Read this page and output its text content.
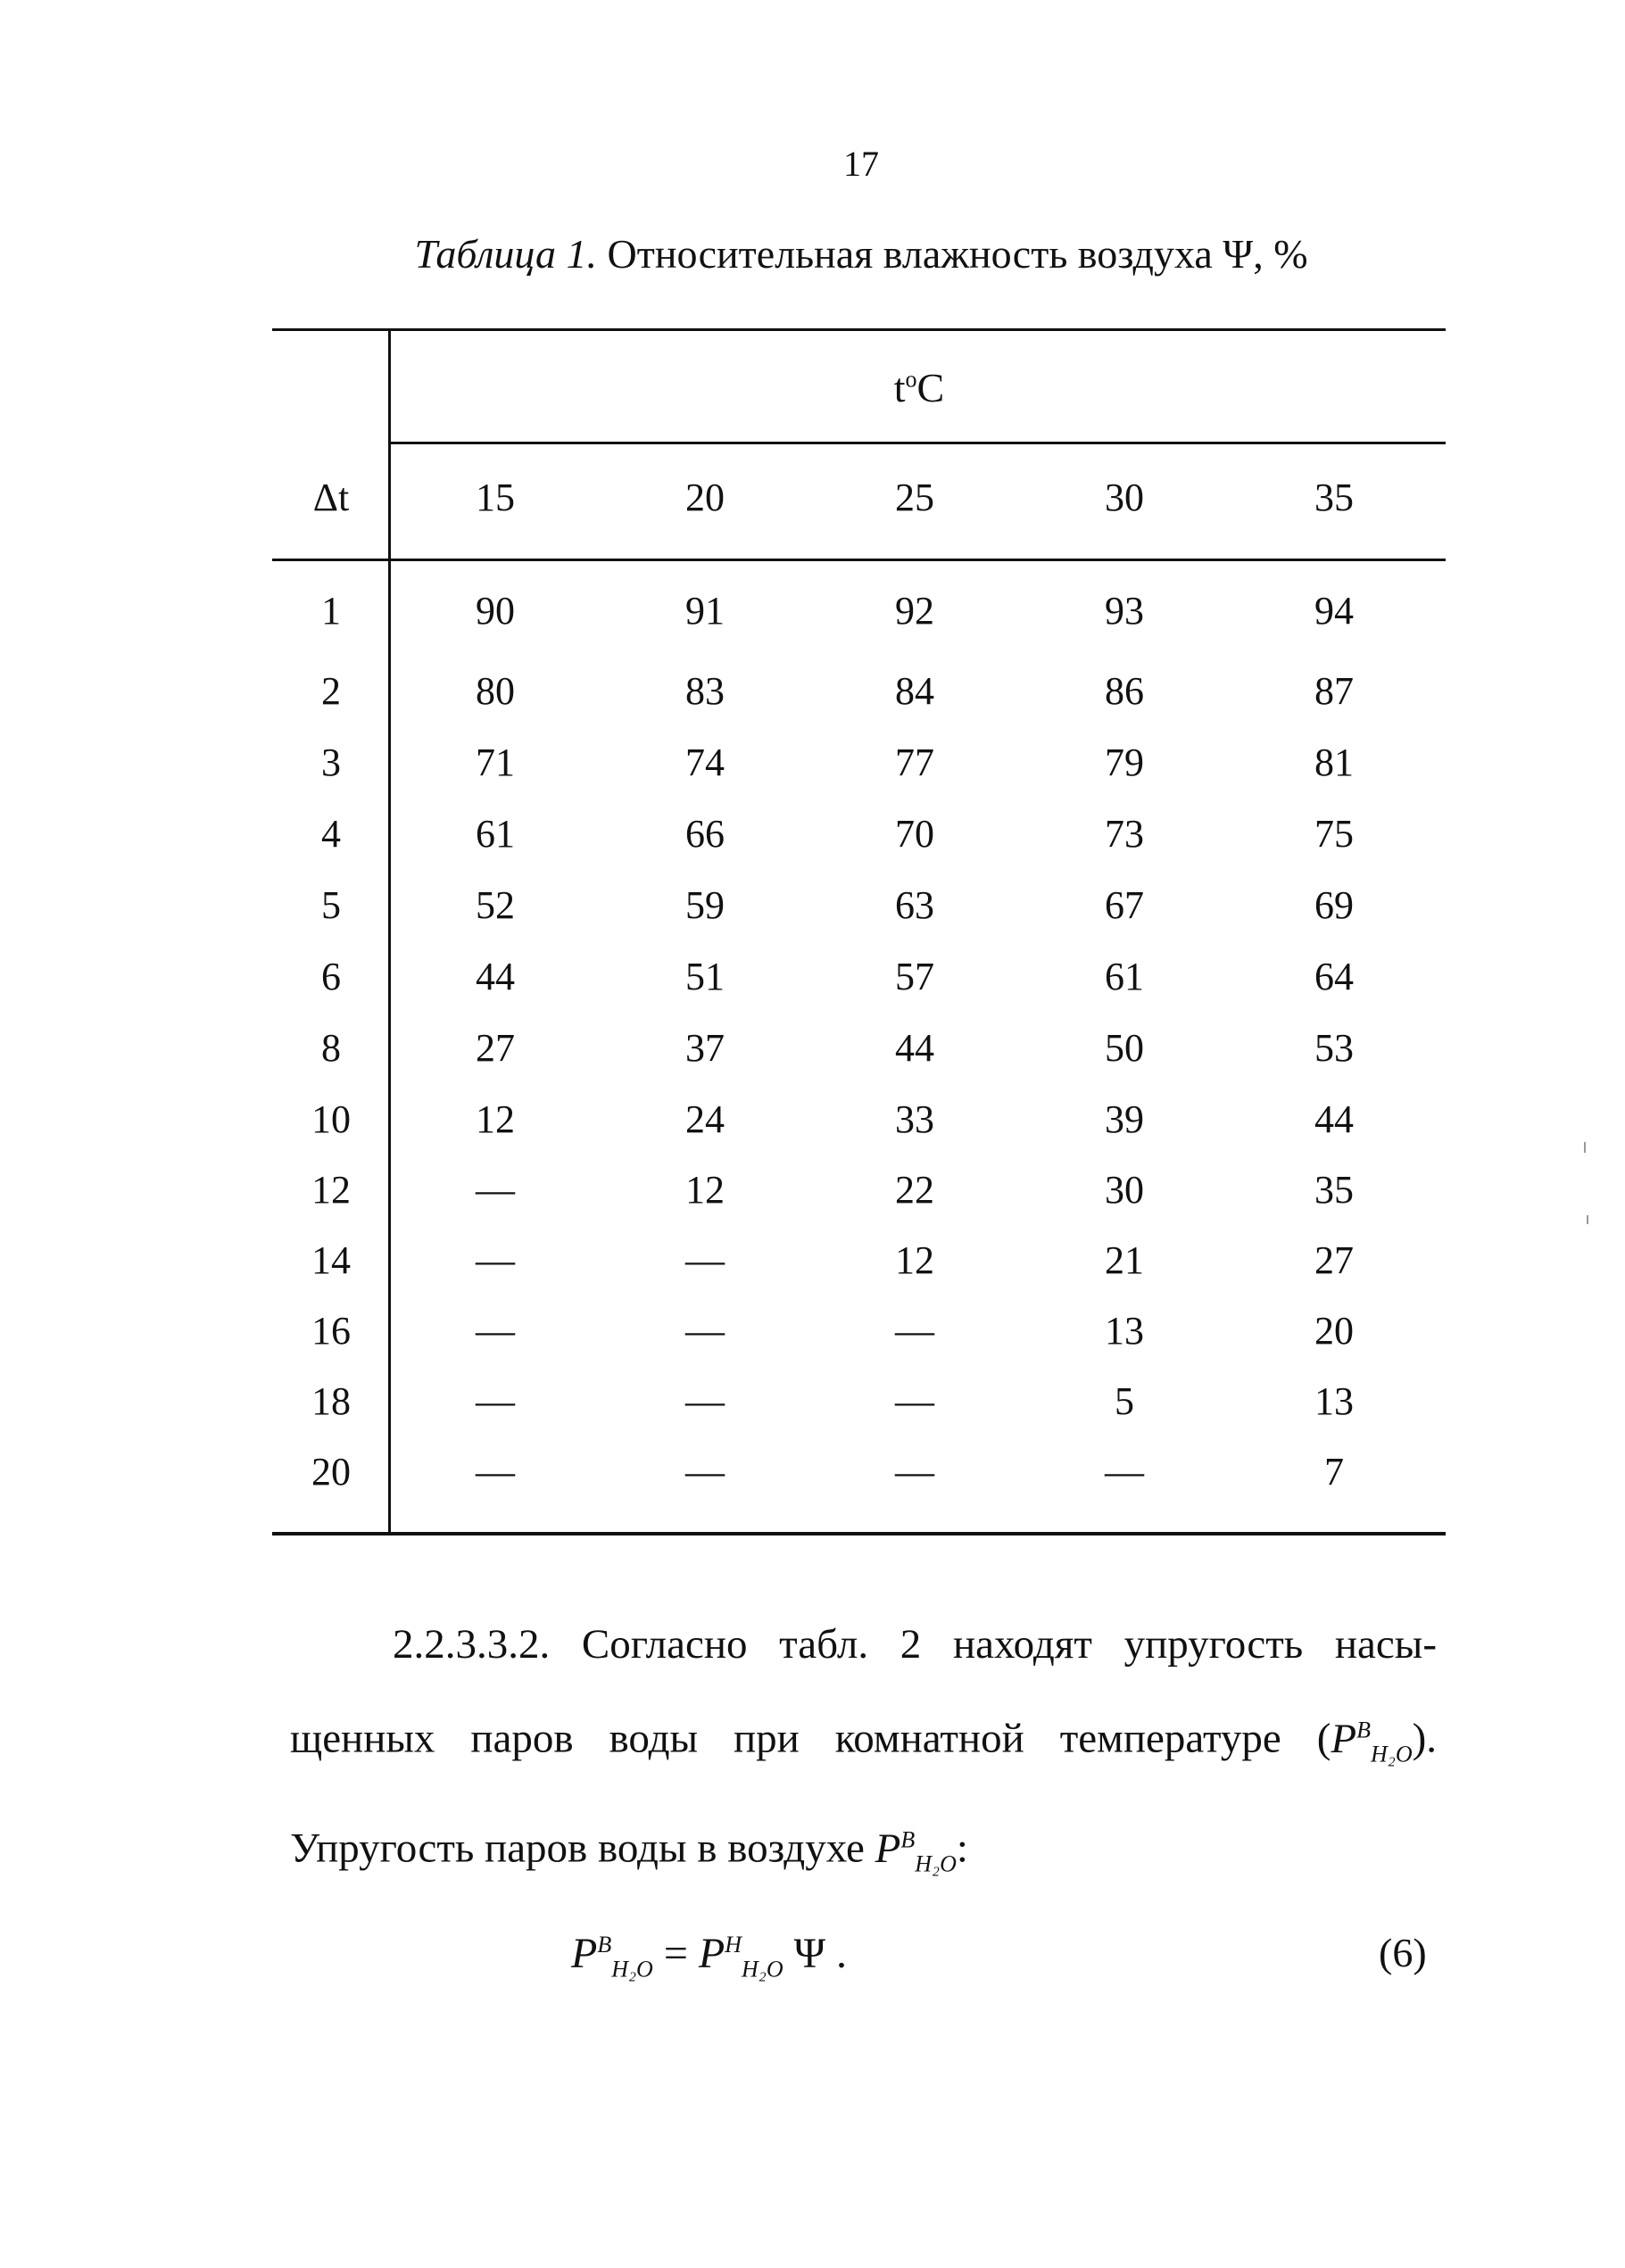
17
Таблица 1. Относительная влажность воздуха Ψ, %
$t^oC$
Δt	15	20	25	30	35
1	90	91	92	93	94
2	80	83	84	86	87
3	71	74	77	79	81
4	61	66	70	73	75
5	52	59	63	67	69
6	44	51	57	61	64
8	27	37	44	50	53
10	12	24	33	39	44
12	—	12	22	30	35
14	—	—	12	21	27
16	—	—	—	13	20
18	—	—	—	5	13
20	—	—	—	—	7
2.2.3.3.2. Согласно табл. 2 находят упругость насы-
щенных паров воды при комнатной температуре $(P^B_{H_2O})$.
Упругость паров воды в воздухе $P^B_{H_2O}$:
$P^B_{H_2O} = P^H_{H_2O}$ Ψ .	(6)
